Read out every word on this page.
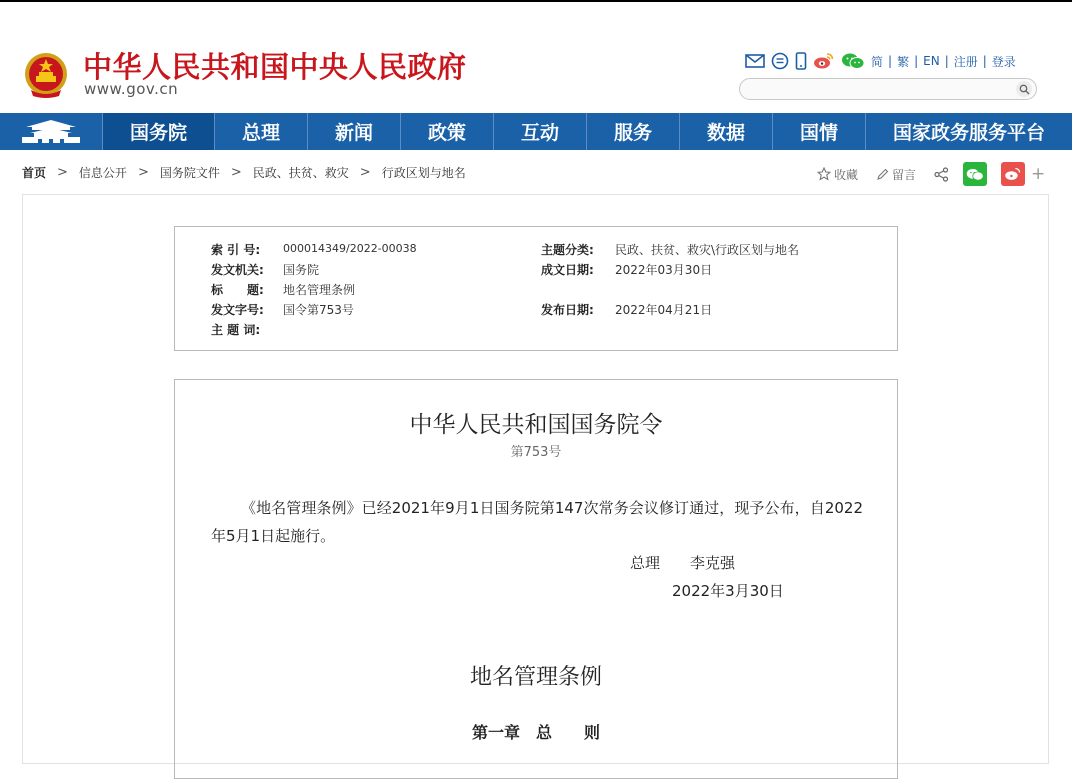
中华人民共和国中央人民政府
www.gov.cn
简 | 繁 | EN | 注册 | 登录
国务院	总理	新闻	政策	互动	服务	数据	国情	国家政务服务平台
首页 > 信息公开 > 国务院文件 > 民政、扶贫、救灾 > 行政区划与地名	收藏	留言	+
索 引 号: 000014349/2022-00038	主题分类: 民政、扶贫、救灾\行政区划与地名
发文机关: 国务院	成文日期: 2022年03月30日
标　　题: 地名管理条例
发文字号: 国令第753号	发布日期: 2022年04月21日
主 题 词:
中华人民共和国国务院令
第753号
《地名管理条例》已经2021年9月1日国务院第147次常务会议修订通过，现予公布，自2022年5月1日起施行。
总理　　李克强
2022年3月30日
地名管理条例
第一章　总　　则
